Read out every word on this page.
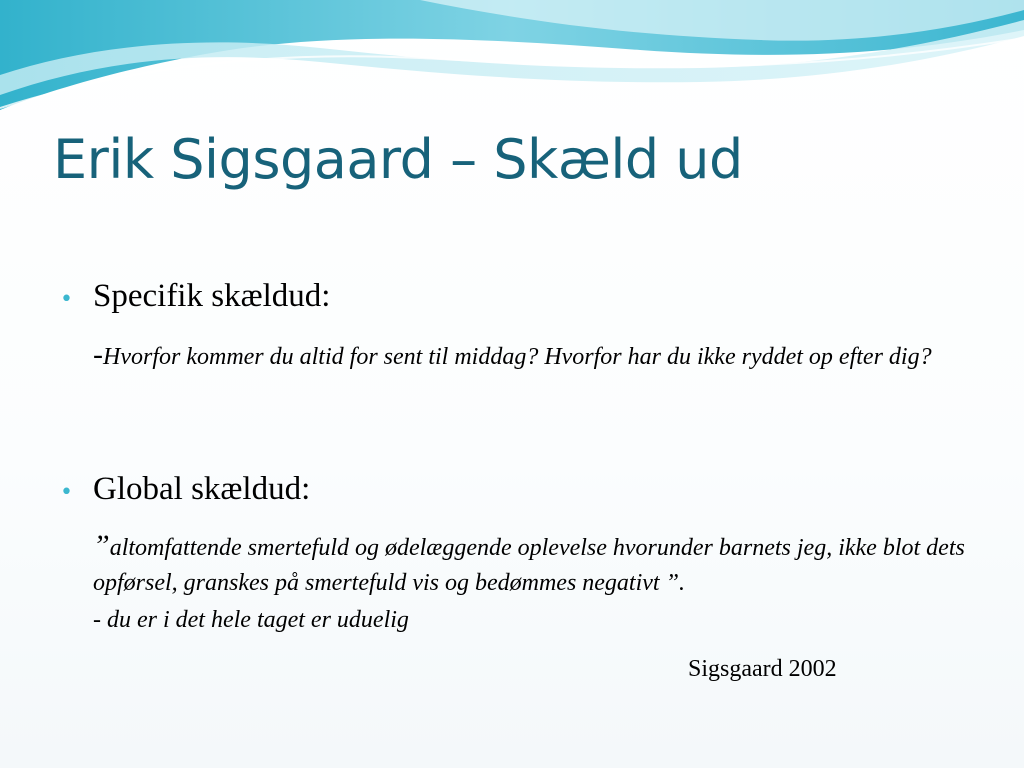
Erik Sigsgaard – Skæld ud
• Specifik skældud:
-Hvorfor kommer du altid for sent til middag? Hvorfor har du ikke ryddet op efter dig?
• Global skældud:
”altomfattende smertefuld og ødelæggende oplevelse hvorunder barnets jeg, ikke blot dets opførsel, granskes på smertefuld vis og bedømmes negativt ”.
- du er i det hele taget er uduelig
Sigsgaard 2002
